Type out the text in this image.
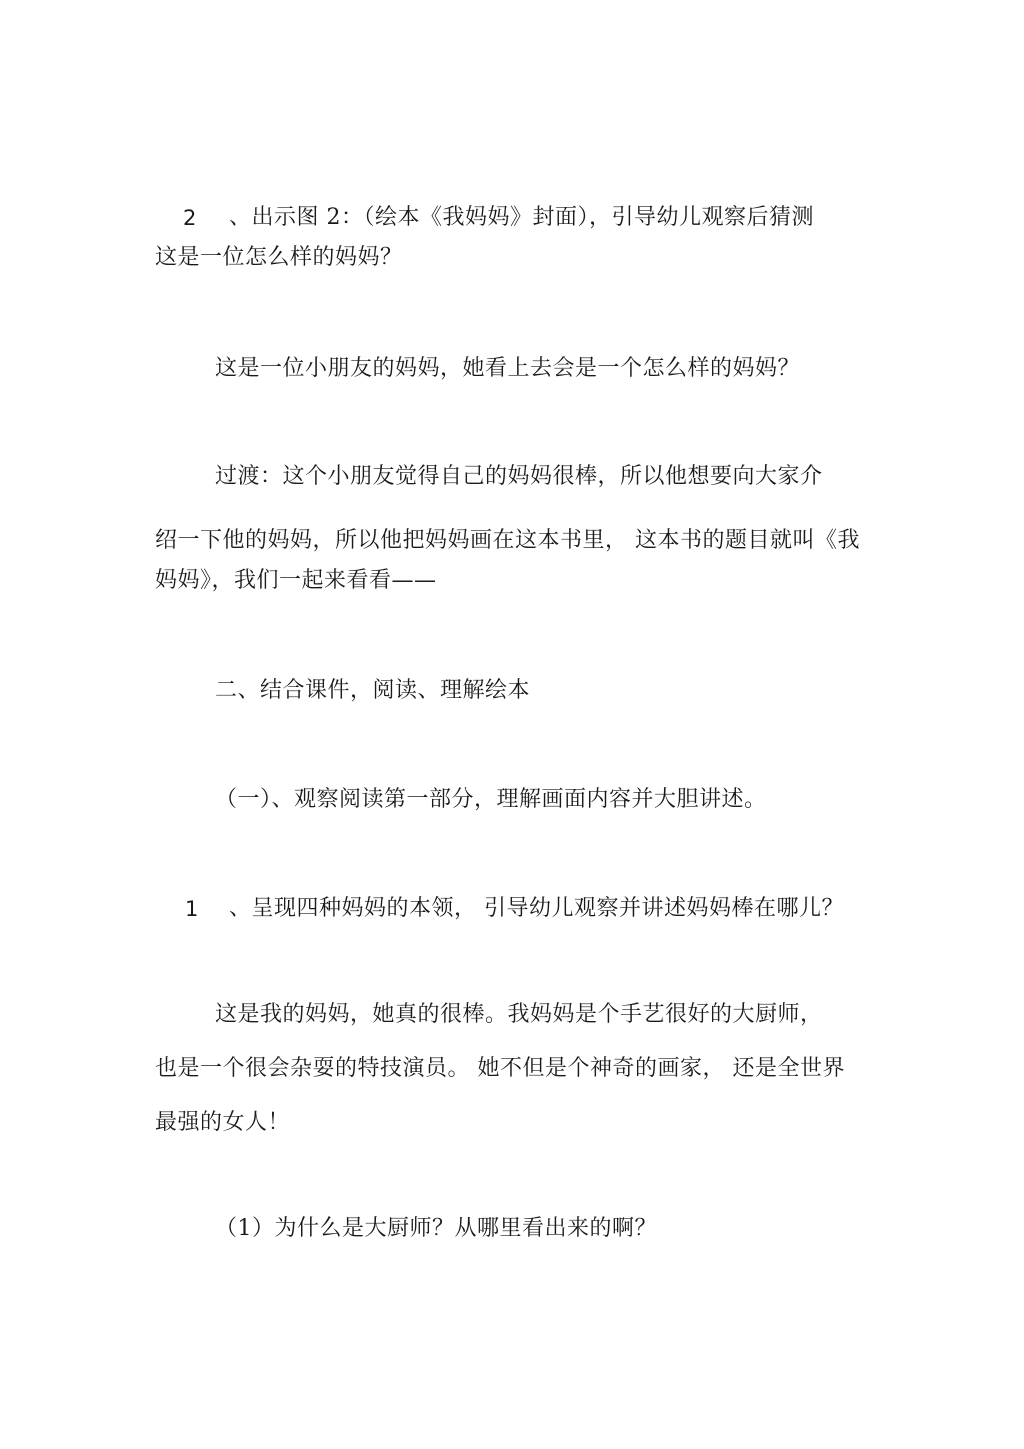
2 、出示图 2：（绘本《我妈妈》封面），引导幼儿观察后猜测
这是一位怎么样的妈妈？
这是一位小朋友的妈妈，她看上去会是一个怎么样的妈妈？
过渡：这个小朋友觉得自己的妈妈很棒，所以他想要向大家介
绍一下他的妈妈，所以他把妈妈画在这本书里， 这本书的题目就叫《我
妈妈》，我们一起来看看——
二、结合课件，阅读、理解绘本
（一）、观察阅读第一部分，理解画面内容并大胆讲述。
1 、呈现四种妈妈的本领， 引导幼儿观察并讲述妈妈棒在哪儿？
这是我的妈妈，她真的很棒。我妈妈是个手艺很好的大厨师，
也是一个很会杂耍的特技演员。 她不但是个神奇的画家， 还是全世界
最强的女人！
（1）为什么是大厨师？从哪里看出来的啊？
